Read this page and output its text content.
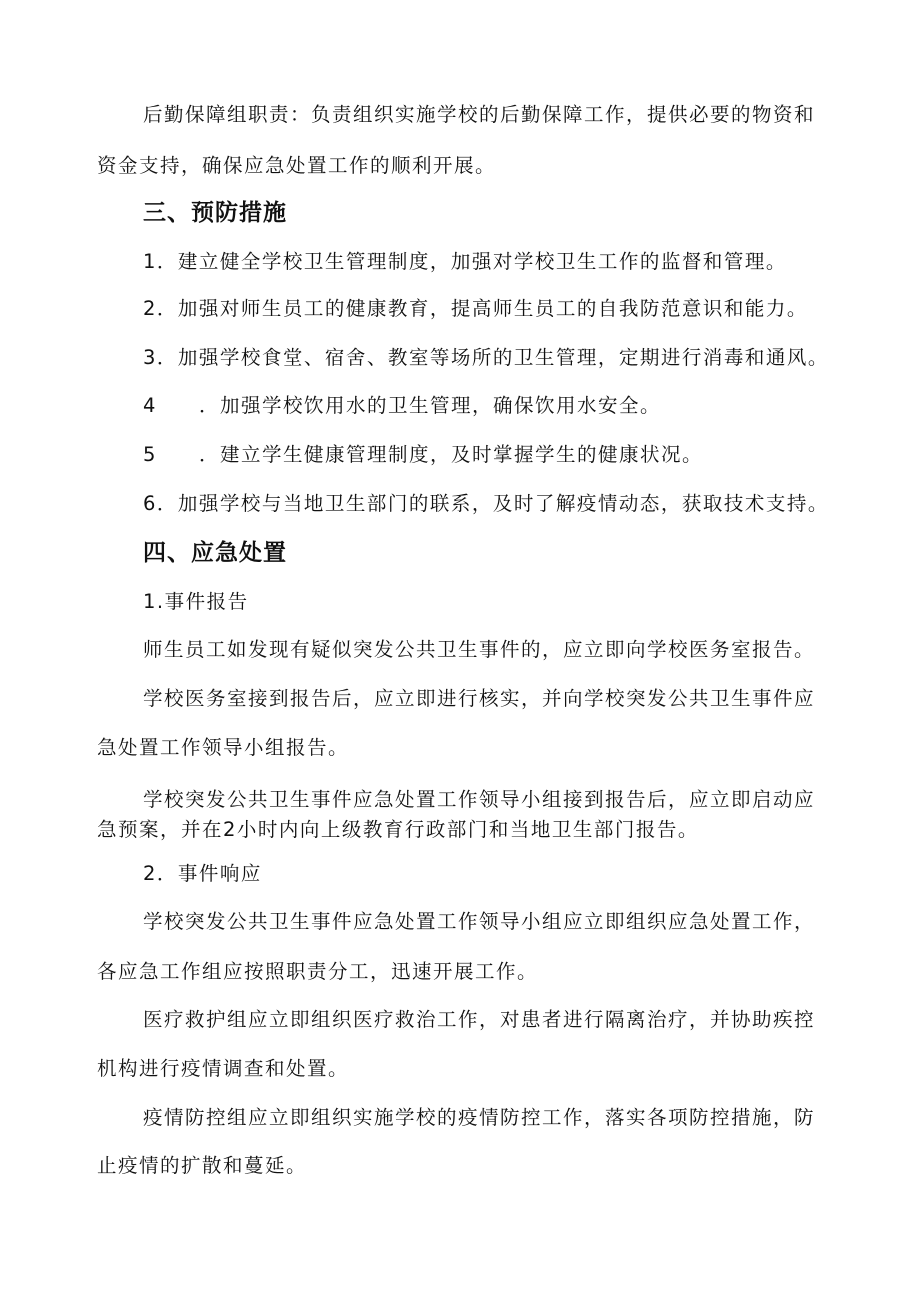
后勤保障组职责：负责组织实施学校的后勤保障工作，提供必要的物资和

资金支持，确保应急处置工作的顺利开展。

三、预防措施

1．建立健全学校卫生管理制度，加强对学校卫生工作的监督和管理。

2．加强对师生员工的健康教育，提高师生员工的自我防范意识和能力。

3．加强学校食堂、宿舍、教室等场所的卫生管理，定期进行消毒和通风。

4 ．加强学校饮用水的卫生管理，确保饮用水安全。

5 ．建立学生健康管理制度，及时掌握学生的健康状况。

6．加强学校与当地卫生部门的联系，及时了解疫情动态，获取技术支持。

四、应急处置

1.事件报告

师生员工如发现有疑似突发公共卫生事件的，应立即向学校医务室报告。

学校医务室接到报告后，应立即进行核实，并向学校突发公共卫生事件应

急处置工作领导小组报告。

学校突发公共卫生事件应急处置工作领导小组接到报告后，应立即启动应

急预案，并在2小时内向上级教育行政部门和当地卫生部门报告。

2．事件响应

学校突发公共卫生事件应急处置工作领导小组应立即组织应急处置工作，

各应急工作组应按照职责分工，迅速开展工作。

医疗救护组应立即组织医疗救治工作，对患者进行隔离治疗，并协助疾控

机构进行疫情调查和处置。

疫情防控组应立即组织实施学校的疫情防控工作，落实各项防控措施，防

止疫情的扩散和蔓延。
